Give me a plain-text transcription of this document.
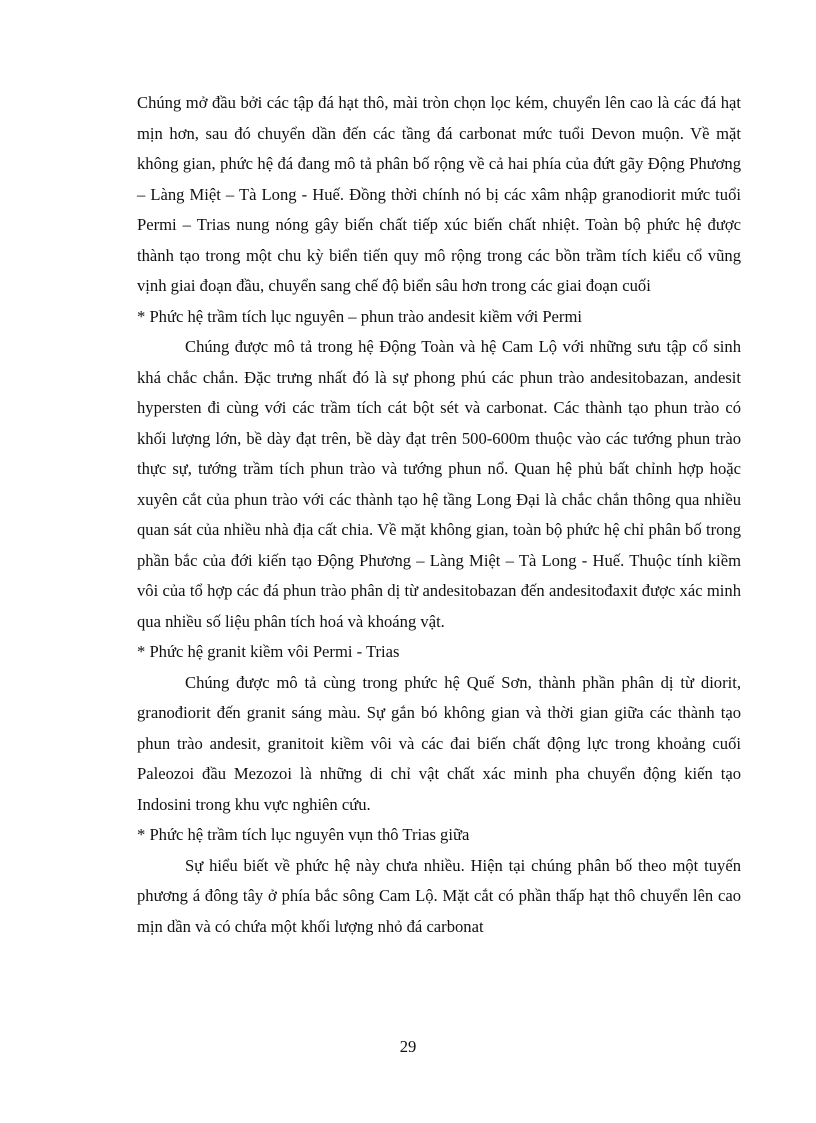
Chúng mở đầu bởi các tập đá hạt thô, mài tròn chọn lọc kém, chuyển lên cao là các đá hạt mịn hơn, sau đó chuyển dần đến các tầng đá carbonat mức tuổi Devon muộn. Về mặt không gian, phức hệ đá đang mô tả phân bố rộng về cả hai phía của đứt gãy Động Phương – Làng Miệt – Tà Long - Huế. Đồng thời chính nó bị các xâm nhập granodiorit mức tuổi Permi – Trias nung nóng gây biến chất tiếp xúc biến chất nhiệt. Toàn bộ phức hệ được thành tạo trong một chu kỳ biển tiến quy mô rộng trong các bồn trầm tích kiểu cổ vũng vịnh giai đoạn đầu, chuyển sang chế độ biển sâu hơn trong các giai đoạn cuối

* Phức hệ trầm tích lục nguyên – phun trào andesit kiềm với Permi

Chúng được mô tả trong hệ Động Toàn và hệ Cam Lộ với những sưu tập cổ sinh khá chắc chắn. Đặc trưng nhất đó là sự phong phú các phun trào andesitobazan, andesit hypersten đi cùng với các trầm tích cát bột sét và carbonat. Các thành tạo phun trào có khối lượng lớn, bề dày đạt trên, bề dày đạt trên 500-600m thuộc vào các tướng phun trào thực sự, tướng trầm tích phun trào và tướng phun nổ. Quan hệ phủ bất chỉnh hợp hoặc xuyên cắt của phun trào với các thành tạo hệ tầng Long Đại là chắc chắn thông qua nhiều quan sát của nhiều nhà địa cất chia. Về mặt không gian, toàn bộ phức hệ chỉ phân bố trong phần bắc của đới kiến tạo Động Phương – Làng Miệt – Tà Long - Huế. Thuộc tính kiềm vôi của tổ hợp các đá phun trào phân dị từ andesitobazan đến andesitođaxit được xác minh qua nhiều số liệu phân tích hoá và khoáng vật.

* Phức hệ granit kiềm vôi Permi - Trias

Chúng được mô tả cùng trong phức hệ Quế Sơn, thành phần phân dị từ diorit, granođiorit đến granit sáng màu. Sự gắn bó không gian và thời gian giữa các thành tạo phun trào andesit, granitoit kiềm vôi và các đai biến chất động lực trong khoảng cuối Paleozoi đầu Mezozoi là những di chỉ vật chất xác minh pha chuyển động kiến tạo Indosini trong khu vực nghiên cứu.

* Phức hệ trầm tích lục nguyên vụn thô Trias giữa

Sự hiểu biết về phức hệ này chưa nhiều. Hiện tại chúng phân bố theo một tuyến phương á đông tây ở phía bắc sông Cam Lộ. Mặt cắt có phần thấp hạt thô chuyển lên cao mịn dần và có chứa một khối lượng nhỏ đá carbonat

29
